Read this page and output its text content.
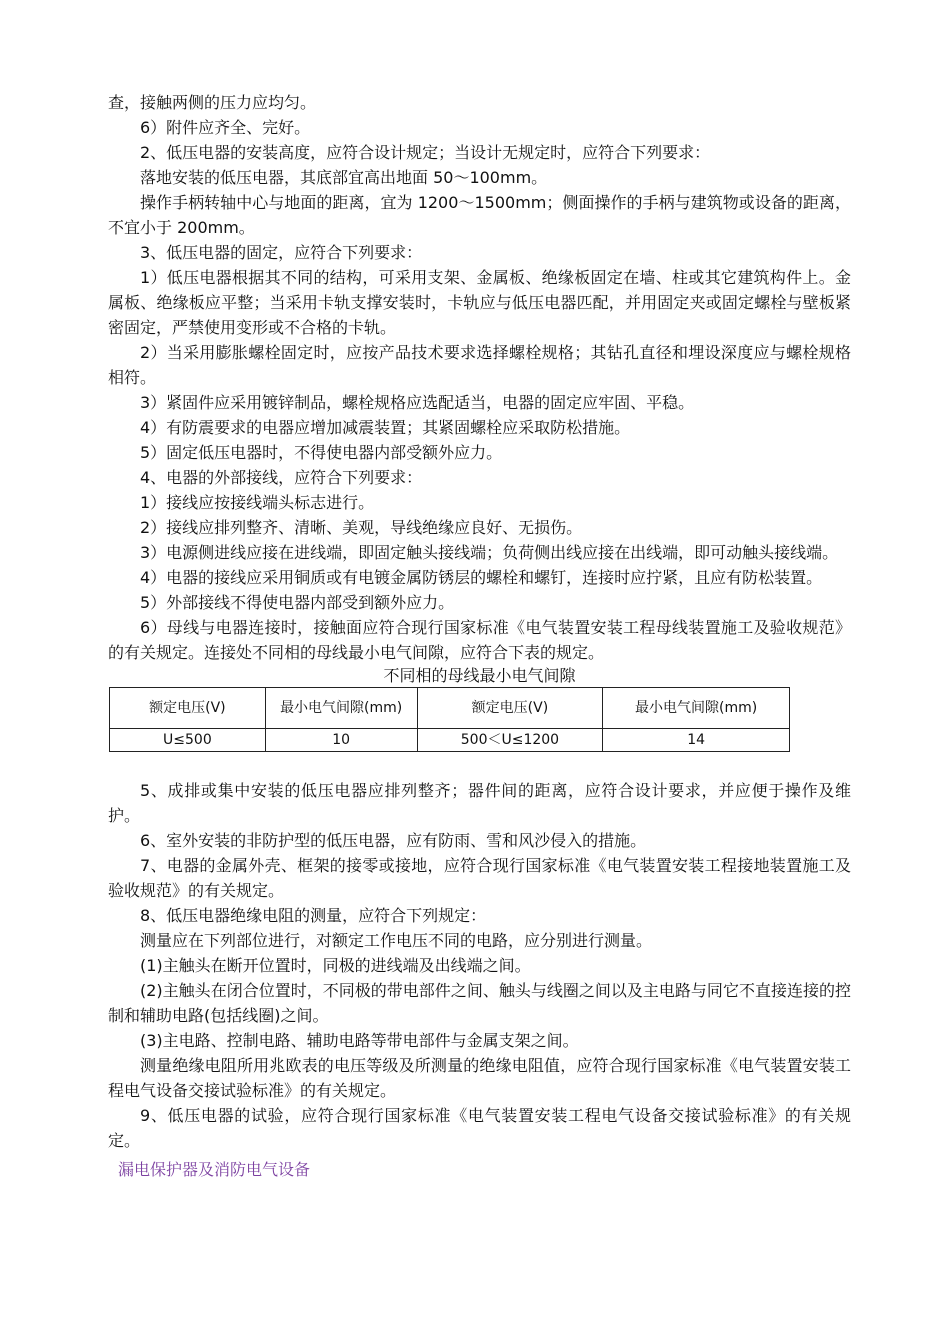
查，接触两侧的压力应均匀。

6）附件应齐全、完好。

2、低压电器的安装高度，应符合设计规定；当设计无规定时，应符合下列要求：

落地安装的低压电器，其底部宜高出地面 50～100mm。

操作手柄转轴中心与地面的距离，宜为 1200～1500mm；侧面操作的手柄与建筑物或设备的距离，不宜小于 200mm。

3、低压电器的固定，应符合下列要求：

1）低压电器根据其不同的结构，可采用支架、金属板、绝缘板固定在墙、柱或其它建筑构件上。金属板、绝缘板应平整；当采用卡轨支撑安装时，卡轨应与低压电器匹配，并用固定夹或固定螺栓与壁板紧密固定，严禁使用变形或不合格的卡轨。

2）当采用膨胀螺栓固定时，应按产品技术要求选择螺栓规格；其钻孔直径和埋设深度应与螺栓规格相符。

3）紧固件应采用镀锌制品，螺栓规格应选配适当，电器的固定应牢固、平稳。

4）有防震要求的电器应增加减震装置；其紧固螺栓应采取防松措施。

5）固定低压电器时，不得使电器内部受额外应力。

4、电器的外部接线，应符合下列要求：

1）接线应按接线端头标志进行。

2）接线应排列整齐、清晰、美观，导线绝缘应良好、无损伤。

3）电源侧进线应接在进线端，即固定触头接线端；负荷侧出线应接在出线端，即可动触头接线端。

4）电器的接线应采用铜质或有电镀金属防锈层的螺栓和螺钉，连接时应拧紧，且应有防松装置。

5）外部接线不得使电器内部受到额外应力。

6）母线与电器连接时，接触面应符合现行国家标准《电气装置安装工程母线装置施工及验收规范》的有关规定。连接处不同相的母线最小电气间隙，应符合下表的规定。

不同相的母线最小电气间隙

额定电压(V)	最小电气间隙(mm)	额定电压(V)	最小电气间隙(mm)
U≤500	10	500＜U≤1200	14

5、成排或集中安装的低压电器应排列整齐；器件间的距离，应符合设计要求，并应便于操作及维护。

6、室外安装的非防护型的低压电器，应有防雨、雪和风沙侵入的措施。

7、电器的金属外壳、框架的接零或接地，应符合现行国家标准《电气装置安装工程接地装置施工及验收规范》的有关规定。

8、低压电器绝缘电阻的测量，应符合下列规定：

测量应在下列部位进行，对额定工作电压不同的电路，应分别进行测量。

(1)主触头在断开位置时，同极的进线端及出线端之间。

(2)主触头在闭合位置时，不同极的带电部件之间、触头与线圈之间以及主电路与同它不直接连接的控制和辅助电路(包括线圈)之间。

(3)主电路、控制电路、辅助电路等带电部件与金属支架之间。

测量绝缘电阻所用兆欧表的电压等级及所测量的绝缘电阻值，应符合现行国家标准《电气装置安装工程电气设备交接试验标准》的有关规定。

9、低压电器的试验，应符合现行国家标准《电气装置安装工程电气设备交接试验标准》的有关规定。

漏电保护器及消防电气设备
